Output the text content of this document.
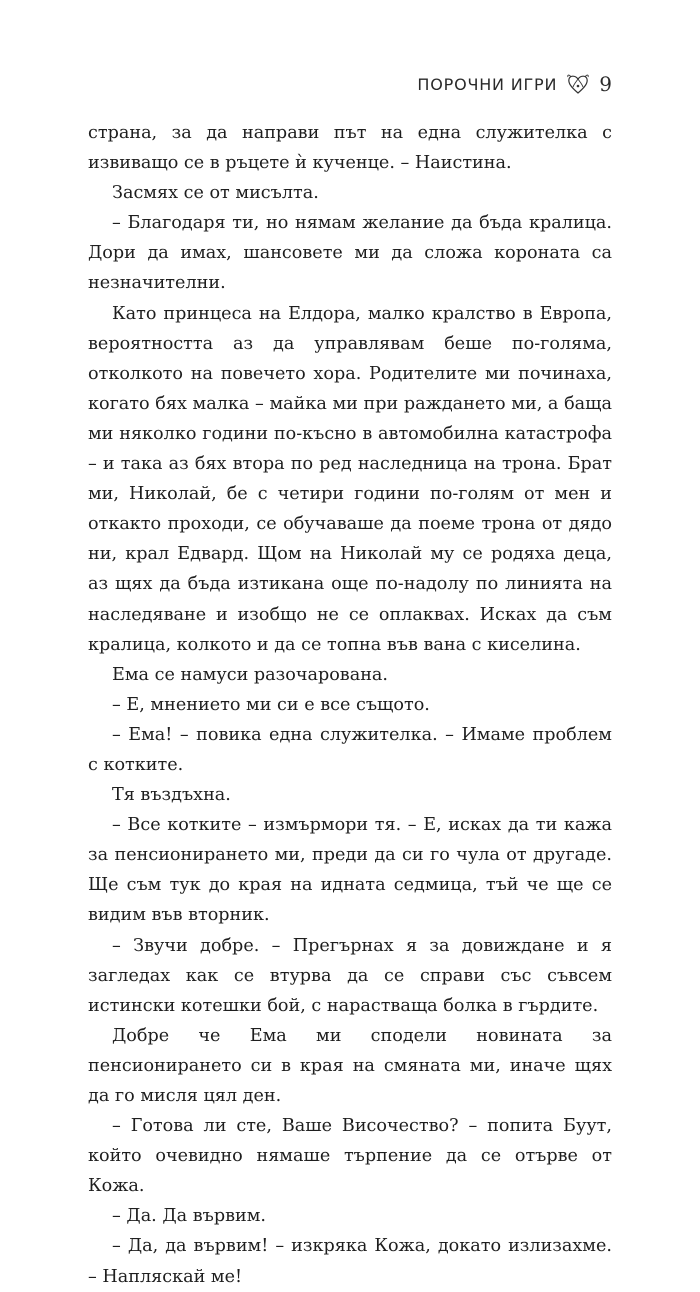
ПОРОЧНИ ИГРИ 9

страна, за да направи път на една служителка с извиващо се в ръцете ѝ кученце. – Наистина.

Засмях се от мисълта.

– Благодаря ти, но нямам желание да бъда кралица. Дори да имах, шансовете ми да сложа короната са незначителни.

Като принцеса на Елдора, малко кралство в Европа, вероятността аз да управлявам беше по-голяма, отколкото на повечето хора. Родителите ми починаха, когато бях малка – майка ми при раждането ми, а баща ми няколко години по-късно в автомобилна катастрофа – и така аз бях втора по ред наследница на трона. Брат ми, Николай, бе с четири години по-голям от мен и откакто проходи, се обучаваше да поеме трона от дядо ни, крал Едвард. Щом на Николай му се родяха деца, аз щях да бъда изтикана още по-надолу по линията на наследяване и изобщо не се оплаквах. Исках да съм кралица, колкото и да се топна във вана с киселина.

Ема се намуси разочарована.

– Е, мнението ми си е все същото.

– Ема! – повика една служителка. – Имаме проблем с котките.

Тя въздъхна.

– Все котките – измърмори тя. – Е, исках да ти кажа за пенсионирането ми, преди да си го чула от другаде. Ще съм тук до края на идната седмица, тъй че ще се видим във вторник.

– Звучи добре. – Прегърнах я за довиждане и я загледах как се втурва да се справи със съвсем истински котешки бой, с нарастваща болка в гърдите.

Добре че Ема ми сподели новината за пенсионирането си в края на смяната ми, иначе щях да го мисля цял ден.

– Готова ли сте, Ваше Височество? – попита Буут, който очевидно нямаше търпение да се отърве от Кожа.

– Да. Да вървим.

– Да, да вървим! – изкряка Кожа, докато излизахме. – Напляскай ме!
